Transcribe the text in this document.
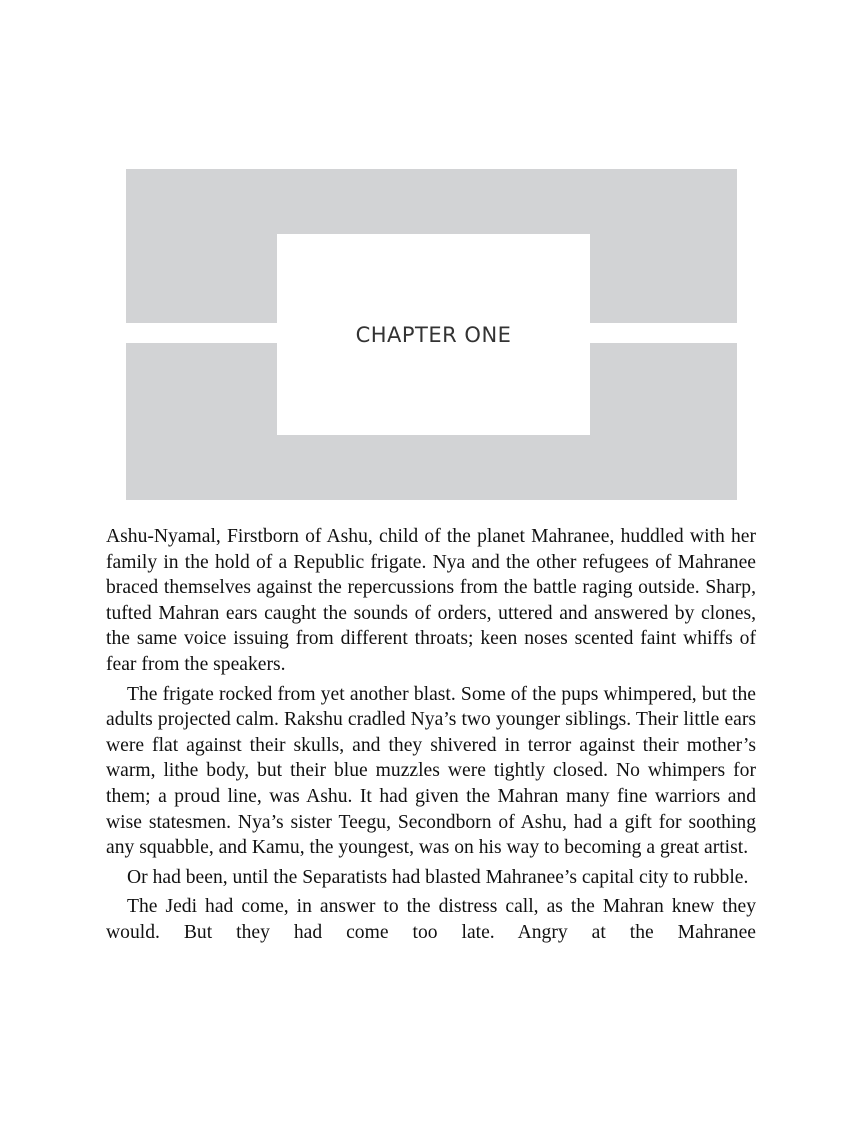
CHAPTER ONE

Ashu-Nyamal, Firstborn of Ashu, child of the planet Mahranee, huddled with her family in the hold of a Republic frigate. Nya and the other refugees of Mahranee braced themselves against the repercussions from the battle raging outside. Sharp, tufted Mahran ears caught the sounds of orders, uttered and answered by clones, the same voice issuing from different throats; keen noses scented faint whiffs of fear from the speakers.

The frigate rocked from yet another blast. Some of the pups whimpered, but the adults projected calm. Rakshu cradled Nya’s two younger siblings. Their little ears were flat against their skulls, and they shivered in terror against their mother’s warm, lithe body, but their blue muzzles were tightly closed. No whimpers for them; a proud line, was Ashu. It had given the Mahran many fine warriors and wise statesmen. Nya’s sister Teegu, Secondborn of Ashu, had a gift for soothing any squabble, and Kamu, the youngest, was on his way to becoming a great artist.

Or had been, until the Separatists had blasted Mahranee’s capital city to rubble.

The Jedi had come, in answer to the distress call, as the Mahran knew they would. But they had come too late. Angry at the Mahranee
